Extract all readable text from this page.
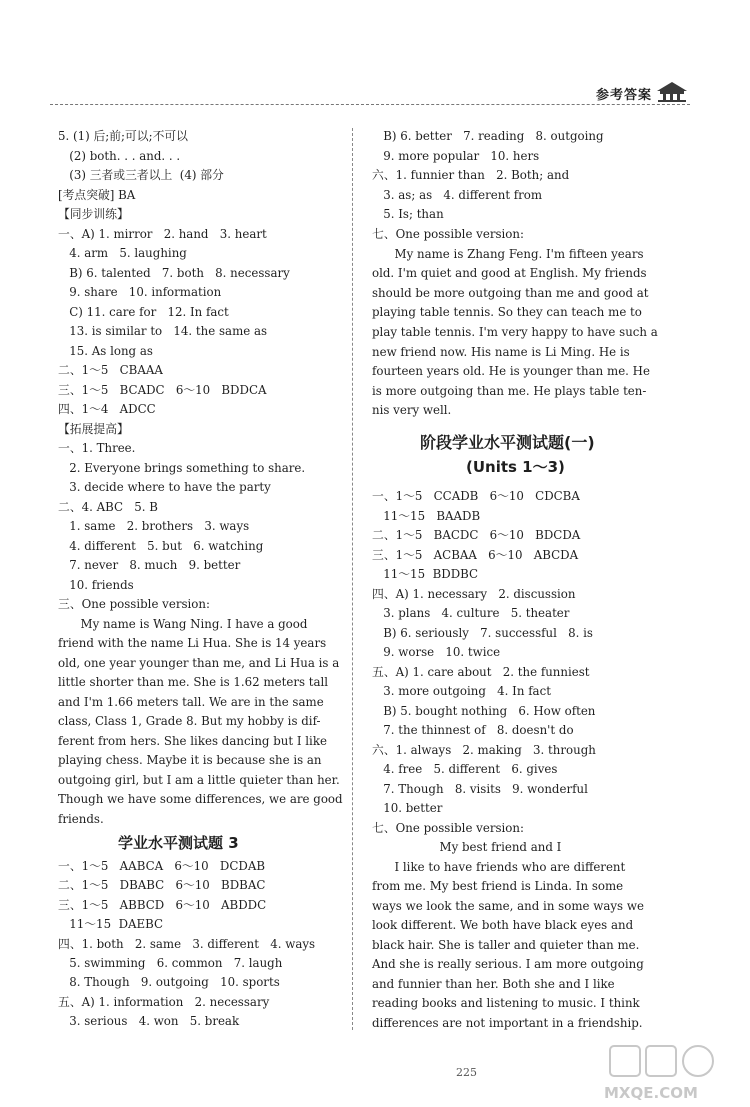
参考答案
5. (1) 后;前;可以;不可以
(2) both. . . and. . .
(3) 三者或三者以上  (4) 部分
[考点突破] BA
【同步训练】
一、A) 1. mirror   2. hand   3. heart
4. arm   5. laughing
B) 6. talented   7. both   8. necessary
9. share   10. information
C) 11. care for   12. In fact
13. is similar to   14. the same as
15. As long as
二、1～5   CBAAA
三、1～5   BCADC   6～10   BDDCA
四、1～4   ADCC
【拓展提高】
一、1. Three.
2. Everyone brings something to share.
3. decide where to have the party
二、4. ABC   5. B
1. same   2. brothers   3. ways
4. different   5. but   6. watching
7. never   8. much   9. better
10. friends
三、One possible version:
My name is Wang Ning. I have a good
friend with the name Li Hua. She is 14 years
old, one year younger than me, and Li Hua is a
little shorter than me. She is 1.62 meters tall
and I'm 1.66 meters tall. We are in the same
class, Class 1, Grade 8. But my hobby is dif-
ferent from hers. She likes dancing but I like
playing chess. Maybe it is because she is an
outgoing girl, but I am a little quieter than her.
Though we have some differences, we are good
friends.
学业水平测试题 3
一、1～5   AABCA   6～10   DCDAB
二、1～5   DBABC   6～10   BDBAC
三、1～5   ABBCD   6～10   ABDDC
11～15  DAEBC
四、1. both   2. same   3. different   4. ways
5. swimming   6. common   7. laugh
8. Though   9. outgoing   10. sports
五、A) 1. information   2. necessary
3. serious   4. won   5. break
B) 6. better   7. reading   8. outgoing
9. more popular   10. hers
六、1. funnier than   2. Both; and
3. as; as   4. different from
5. Is; than
七、One possible version:
My name is Zhang Feng. I'm fifteen years
old. I'm quiet and good at English. My friends
should be more outgoing than me and good at
playing table tennis. So they can teach me to
play table tennis. I'm very happy to have such a
new friend now. His name is Li Ming. He is
fourteen years old. He is younger than me. He
is more outgoing than me. He plays table ten-
nis very well.
阶段学业水平测试题(一)
(Units 1～3)
一、1～5   CCADB   6～10   CDCBA
11～15   BAADB
二、1～5   BACDC   6～10   BDCDA
三、1～5   ACBAA   6～10   ABCDA
11～15  BDDBC
四、A) 1. necessary   2. discussion
3. plans   4. culture   5. theater
B) 6. seriously   7. successful   8. is
9. worse   10. twice
五、A) 1. care about   2. the funniest
3. more outgoing   4. In fact
B) 5. bought nothing   6. How often
7. the thinnest of   8. doesn't do
六、1. always   2. making   3. through
4. free   5. different   6. gives
7. Though   8. visits   9. wonderful
10. better
七、One possible version:
My best friend and I
I like to have friends who are different
from me. My best friend is Linda. In some
ways we look the same, and in some ways we
look different. We both have black eyes and
black hair. She is taller and quieter than me.
And she is really serious. I am more outgoing
and funnier than her. Both she and I like
reading books and listening to music. I think
differences are not important in a friendship.
225
MXQE.COM
